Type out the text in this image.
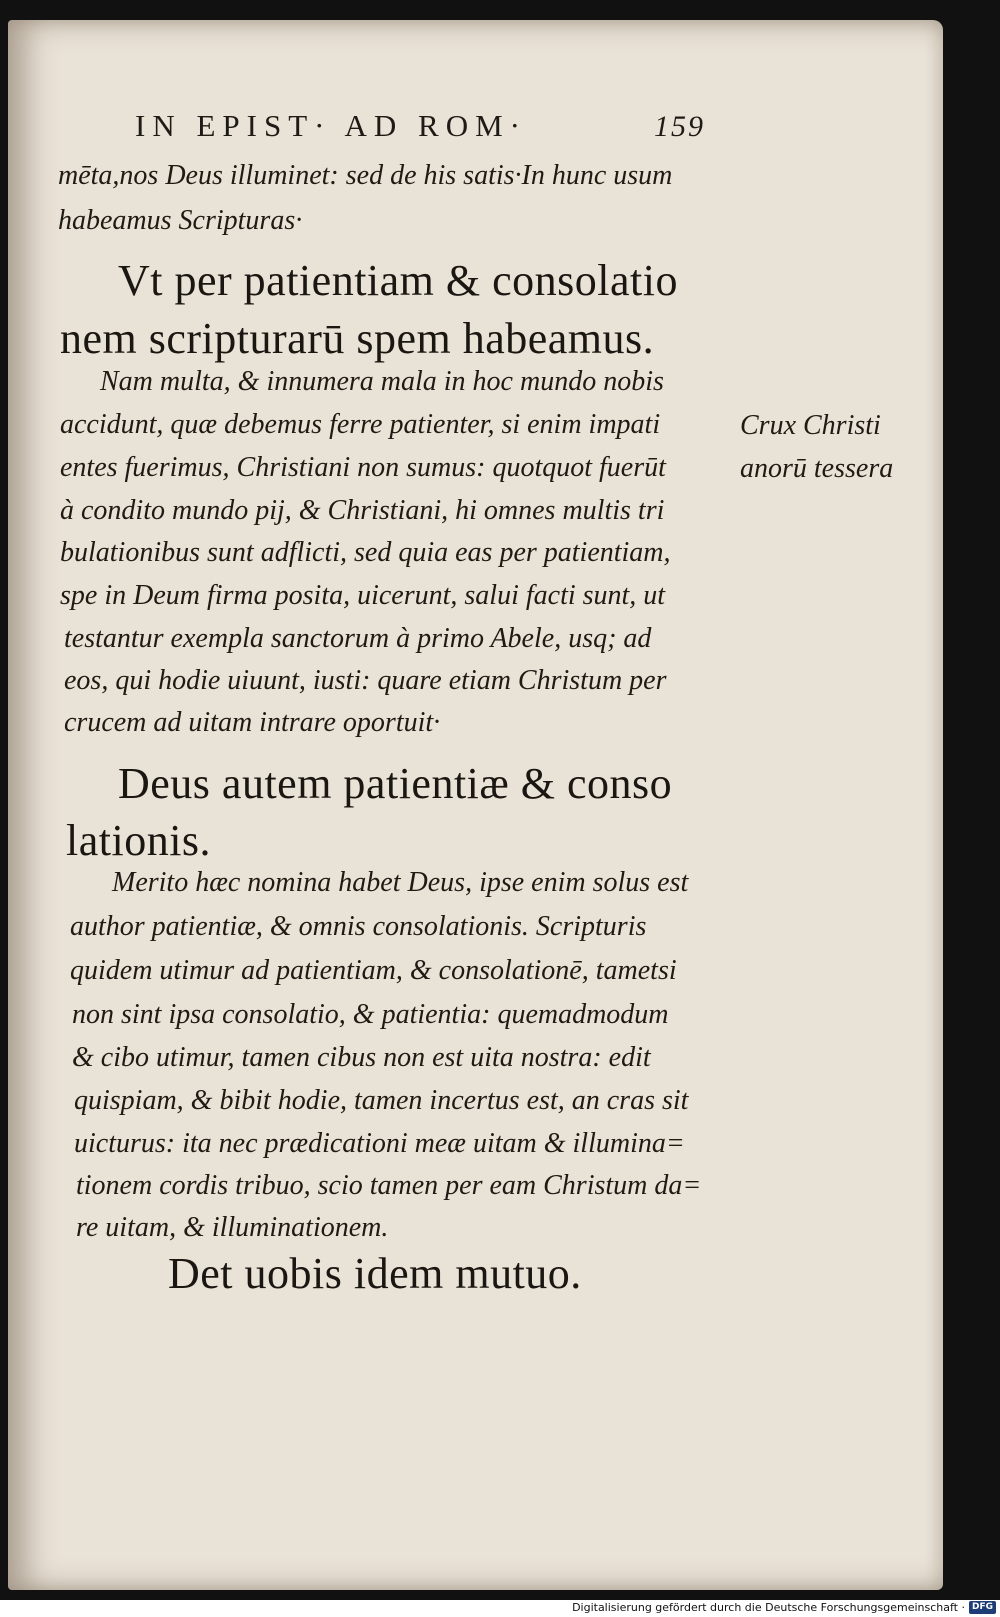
IN EPIST· AD ROM·	159
mēta,nos Deus illuminet: sed de his satis·In hunc usum
habeamus Scripturas·
Vt per patientiam & consolatio
nem scripturarū spem habeamus.
Nam multa, & innumera mala in hoc mundo nobis
accidunt, quæ debemus ferre patienter, si enim impati
entes fuerimus, Christiani non sumus: quotquot fuerūt
à condito mundo pij, & Christiani, hi omnes multis tri
bulationibus sunt adflicti, sed quia eas per patientiam,
spe in Deum firma posita, uicerunt, salui facti sunt, ut
testantur exempla sanctorum à primo Abele, usq; ad
eos, qui hodie uiuunt, iusti: quare etiam Christum per
crucem ad uitam intrare oportuit·
Deus autem patientiæ & conso
lationis.
Merito hæc nomina habet Deus, ipse enim solus est
author patientiæ, & omnis consolationis. Scripturis
quidem utimur ad patientiam, & consolationē, tametsi
non sint ipsa consolatio, & patientia: quemadmodum
& cibo utimur, tamen cibus non est uita nostra: edit
quispiam, & bibit hodie, tamen incertus est, an cras sit
uicturus: ita nec prædicationi meæ uitam & illumina=
tionem cordis tribuo, scio tamen per eam Christum da=
re uitam, & illuminationem.
Det uobis idem mutuo.
Crux Christi
anorū tessera
Digitalisierung gefördert durch die Deutsche Forschungsgemeinschaft · DFG
